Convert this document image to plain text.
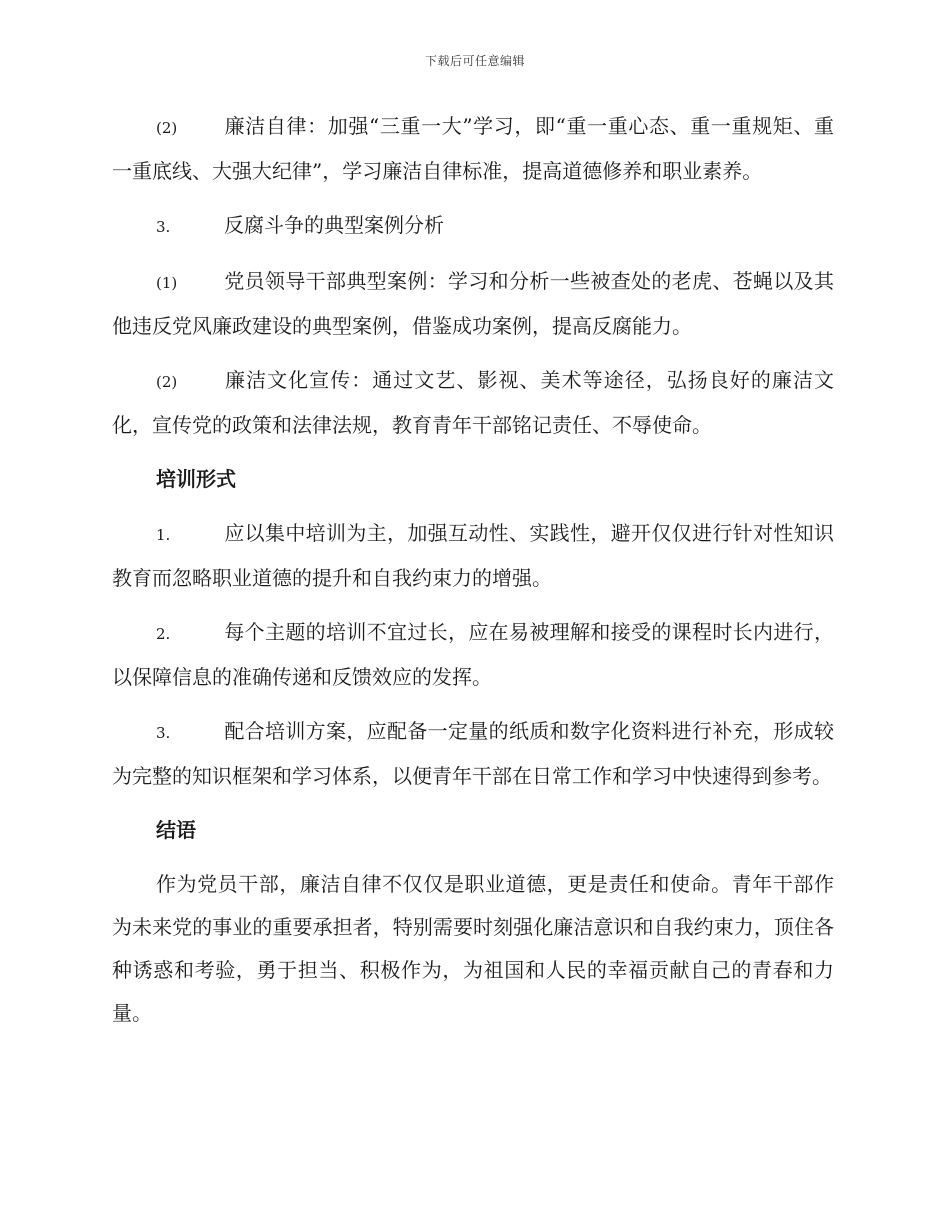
下载后可任意编辑

(2) 廉洁自律：加强“三重一大”学习，即“重一重心态、重一重规矩、重一重底线、大强大纪律”，学习廉洁自律标准，提高道德修养和职业素养。

3.	反腐斗争的典型案例分析

(1) 党员领导干部典型案例：学习和分析一些被查处的老虎、苍蝇以及其他违反党风廉政建设的典型案例，借鉴成功案例，提高反腐能力。

(2) 廉洁文化宣传：通过文艺、影视、美术等途径，弘扬良好的廉洁文化，宣传党的政策和法律法规，教育青年干部铭记责任、不辱使命。

培训形式

1.	应以集中培训为主，加强互动性、实践性，避开仅仅进行针对性知识教育而忽略职业道德的提升和自我约束力的增强。

2.	每个主题的培训不宜过长，应在易被理解和接受的课程时长内进行，以保障信息的准确传递和反馈效应的发挥。

3.	配合培训方案，应配备一定量的纸质和数字化资料进行补充，形成较为完整的知识框架和学习体系，以便青年干部在日常工作和学习中快速得到参考。

结语

作为党员干部，廉洁自律不仅仅是职业道德，更是责任和使命。青年干部作为未来党的事业的重要承担者，特别需要时刻强化廉洁意识和自我约束力，顶住各种诱惑和考验，勇于担当、积极作为，为祖国和人民的幸福贡献自己的青春和力量。
